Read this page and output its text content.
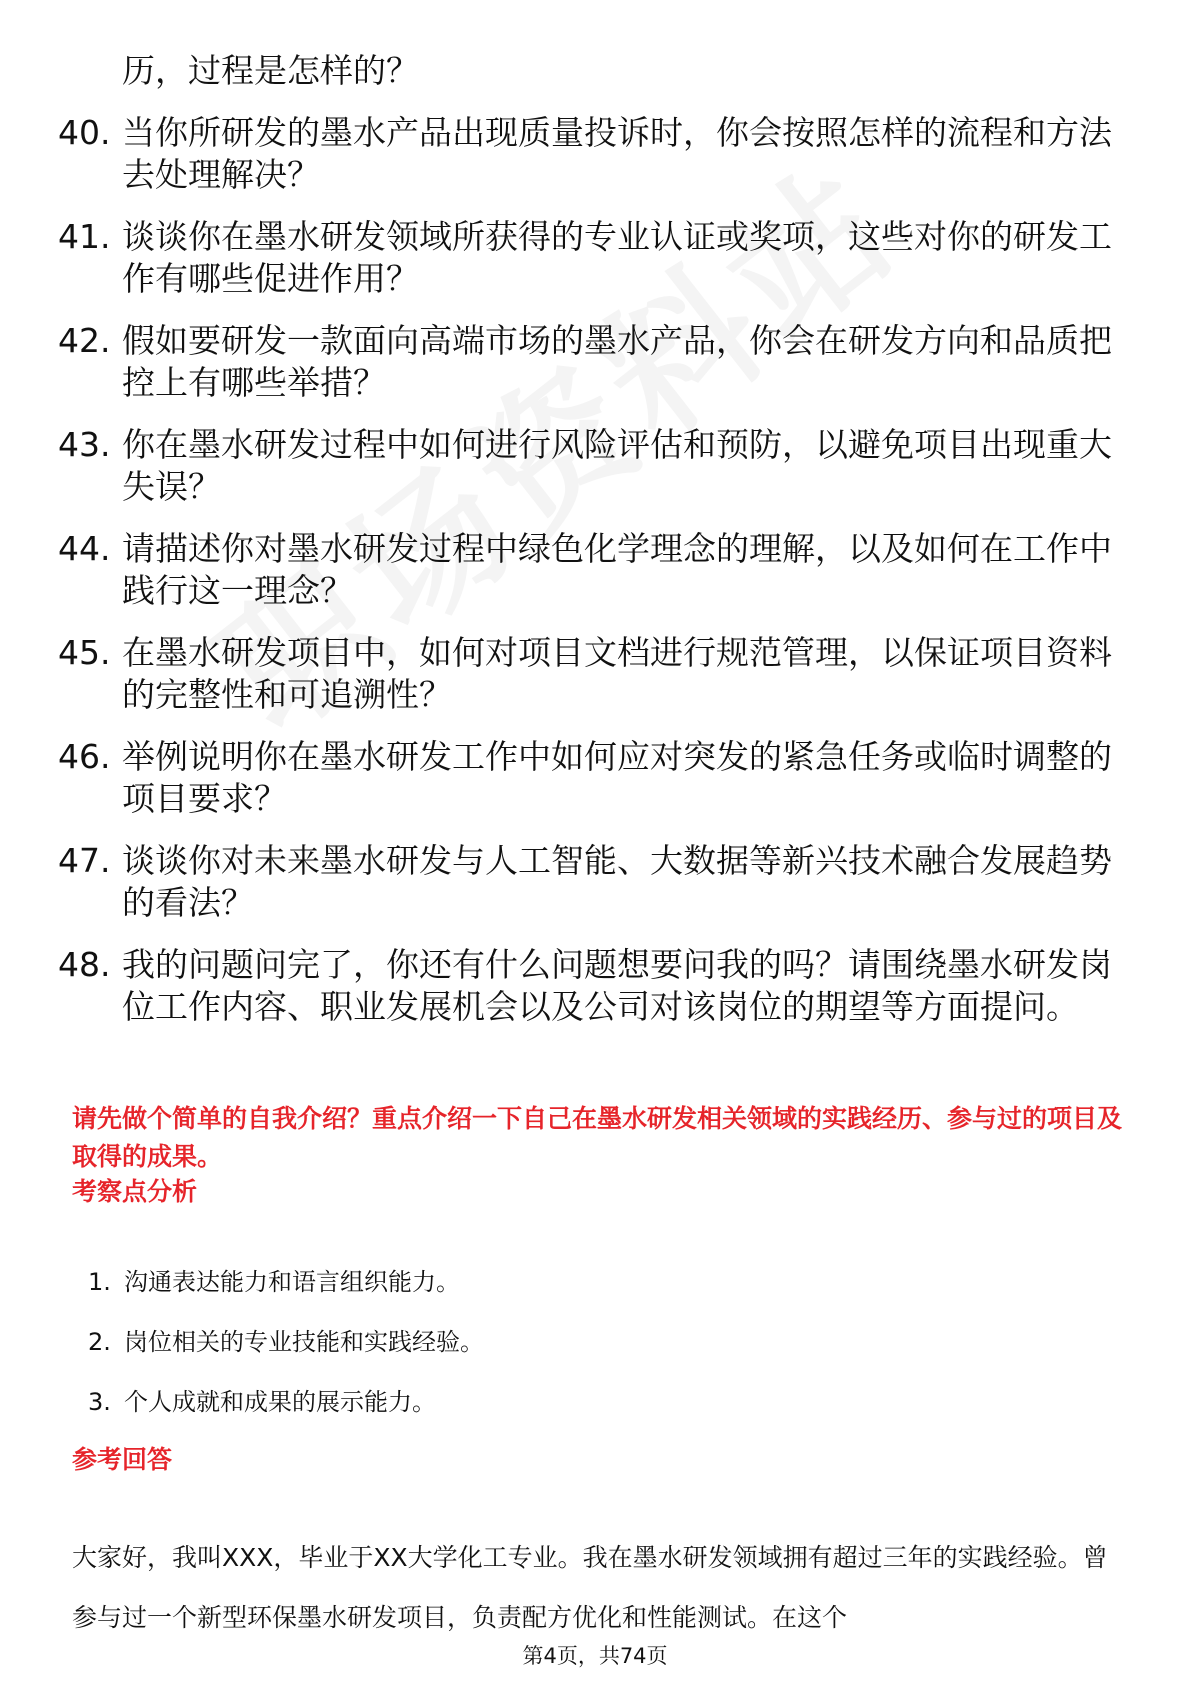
历，过程是怎样的？
40. 当你所研发的墨水产品出现质量投诉时，你会按照怎样的流程和方法去处理解决？
41. 谈谈你在墨水研发领域所获得的专业认证或奖项，这些对你的研发工作有哪些促进作用？
42. 假如要研发一款面向高端市场的墨水产品，你会在研发方向和品质把控上有哪些举措？
43. 你在墨水研发过程中如何进行风险评估和预防，以避免项目出现重大失误？
44. 请描述你对墨水研发过程中绿色化学理念的理解，以及如何在工作中践行这一理念？
45. 在墨水研发项目中，如何对项目文档进行规范管理，以保证项目资料的完整性和可追溯性？
46. 举例说明你在墨水研发工作中如何应对突发的紧急任务或临时调整的项目要求？
47. 谈谈你对未来墨水研发与人工智能、大数据等新兴技术融合发展趋势的看法？
48. 我的问题问完了，你还有什么问题想要问我的吗？请围绕墨水研发岗位工作内容、职业发展机会以及公司对该岗位的期望等方面提问。
请先做个简单的自我介绍？重点介绍一下自己在墨水研发相关领域的实践经历、参与过的项目及取得的成果。
考察点分析
1. 沟通表达能力和语言组织能力。
2. 岗位相关的专业技能和实践经验。
3. 个人成就和成果的展示能力。
参考回答
大家好，我叫XXX，毕业于XX大学化工专业。我在墨水研发领域拥有超过三年的实践经验。曾参与过一个新型环保墨水研发项目，负责配方优化和性能测试。在这个
第4页，共74页
